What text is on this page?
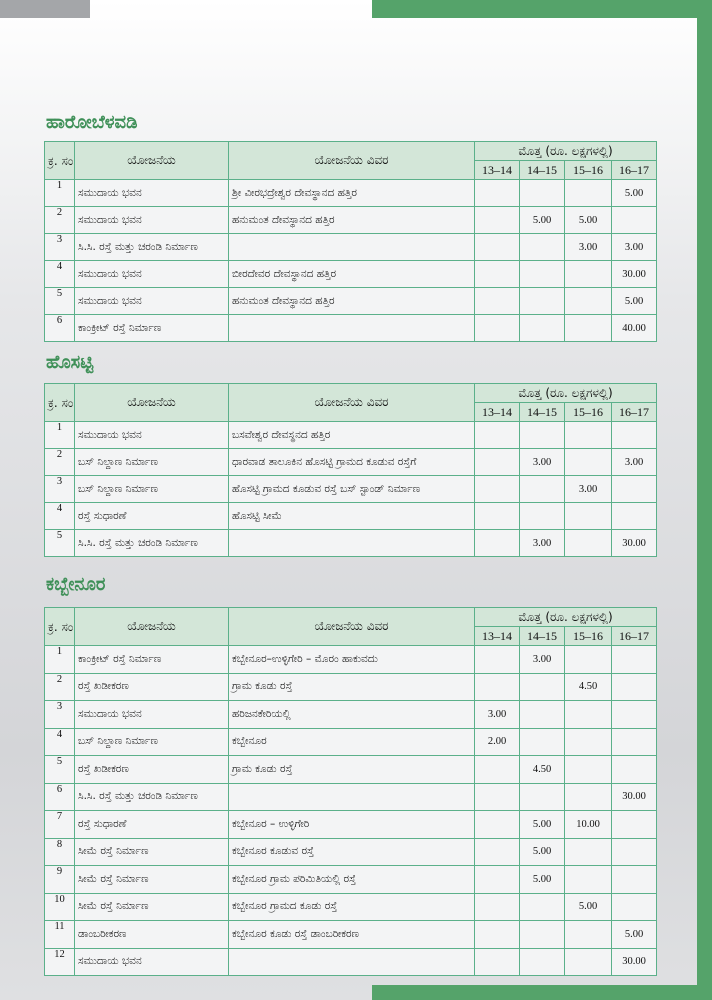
ಹಾರೋಬೆಳವಡಿ
ಕ್ರ. ಸಂ	ಯೋಜನೆಯ	ಯೋಜನೆಯ ವಿವರ	ಮೊತ್ತ (ರೂ. ಲಕ್ಷಗಳಲ್ಲಿ)			
			13–14	14–15	15–16	16–17
1	ಸಮುದಾಯ ಭವನ	ಶ್ರೀ ವೀರಭದ್ರೇಶ್ವರ ದೇವಸ್ಥಾನದ ಹತ್ತಿರ				5.00
2	ಸಮುದಾಯ ಭವನ	ಹನುಮಂತ ದೇವಸ್ಥಾನದ ಹತ್ತಿರ		5.00	5.00	
3	ಸಿ.ಸಿ. ರಸ್ತೆ ಮತ್ತು ಚರಂಡಿ ನಿರ್ಮಾಣ				3.00	3.00
4	ಸಮುದಾಯ ಭವನ	ಬೀರದೇವರ ದೇವಸ್ಥಾನದ ಹತ್ತಿರ				30.00
5	ಸಮುದಾಯ ಭವನ	ಹನುಮಂತ ದೇವಸ್ಥಾನದ ಹತ್ತಿರ				5.00
6	ಕಾಂಕ್ರೀಟ್ ರಸ್ತೆ ನಿರ್ಮಾಣ					40.00
ಹೊಸಟ್ಟಿ
ಕ್ರ. ಸಂ	ಯೋಜನೆಯ	ಯೋಜನೆಯ ವಿವರ	ಮೊತ್ತ (ರೂ. ಲಕ್ಷಗಳಲ್ಲಿ)			
			13–14	14–15	15–16	16–17
1	ಸಮುದಾಯ ಭವನ	ಬಸವೇಶ್ವರ ದೇವಸ್ಥನದ ಹತ್ತಿರ				
2	ಬಸ್ ನಿಲ್ದಾಣ ನಿರ್ಮಾಣ	ಧಾರವಾಡ ತಾಲೂಕಿನ ಹೊಸಟ್ಟಿ ಗ್ರಾಮದ ಕೂಡುವ ರಸ್ತೆಗೆ		3.00		3.00
3	ಬಸ್ ನಿಲ್ದಾಣ ನಿರ್ಮಾಣ	ಹೊಸಟ್ಟಿ ಗ್ರಾಮದ ಕೂಡುವ ರಸ್ತೆ ಬಸ್ ಸ್ಟಾಂಡ್ ನಿರ್ಮಾಣ			3.00	
4	ರಸ್ತೆ ಸುಧಾರಣೆ	ಹೊಸಟ್ಟಿ ಸೀಮೆ				
5	ಸಿ.ಸಿ. ರಸ್ತೆ ಮತ್ತು ಚರಂಡಿ ನಿರ್ಮಾಣ			3.00		30.00
ಕಬ್ಬೇನೂರ
ಕ್ರ. ಸಂ	ಯೋಜನೆಯ	ಯೋಜನೆಯ ವಿವರ	ಮೊತ್ತ (ರೂ. ಲಕ್ಷಗಳಲ್ಲಿ)			
			13–14	14–15	15–16	16–17
1	ಕಾಂಕ್ರೀಟ್ ರಸ್ತೆ ನಿರ್ಮಾಣ	ಕಬ್ಬೇನೂರ–ಉಳ್ಳಿಗೇರಿ – ಮೊರಂ ಹಾಕುವದು		3.00		
2	ರಸ್ತೆ ಖಡೀಕರಣ	ಗ್ರಾಮ ಕೂಡು ರಸ್ತೆ			4.50	
3	ಸಮುದಾಯ ಭವನ	ಹರಿಜನಕೇರಿಯಲ್ಲಿ	3.00			
4	ಬಸ್ ನಿಲ್ದಾಣ ನಿರ್ಮಾಣ	ಕಬ್ಬೇನೂರ	2.00			
5	ರಸ್ತೆ ಖಡೀಕರಣ	ಗ್ರಾಮ ಕೂಡು ರಸ್ತೆ		4.50		
6	ಸಿ.ಸಿ. ರಸ್ತೆ ಮತ್ತು ಚರಂಡಿ ನಿರ್ಮಾಣ					30.00
7	ರಸ್ತೆ ಸುಧಾರಣೆ	ಕಬ್ಬೇನೂರ – ಉಳ್ಳಿಗೇರಿ		5.00	10.00	
8	ಸೀಮೆ ರಸ್ತೆ ನಿರ್ಮಾಣ	ಕಬ್ಬೇನೂರ ಕೂಡುವ ರಸ್ತೆ		5.00		
9	ಸೀಮೆ ರಸ್ತೆ ನಿರ್ಮಾಣ	ಕಬ್ಬೇನೂರ ಗ್ರಾಮ ಪರಿಮಿತಿಯಲ್ಲಿ ರಸ್ತೆ		5.00		
10	ಸೀಮೆ ರಸ್ತೆ ನಿರ್ಮಾಣ	ಕಬ್ಬೇನೂರ ಗ್ರಾಮದ ಕೂಡು ರಸ್ತೆ			5.00	
11	ಡಾಂಬರೀಕರಣ	ಕಬ್ಬೇನೂರ ಕೂಡು ರಸ್ತೆ ಡಾಂಬರೀಕರಣ				5.00
12	ಸಮುದಾಯ ಭವನ					30.00
